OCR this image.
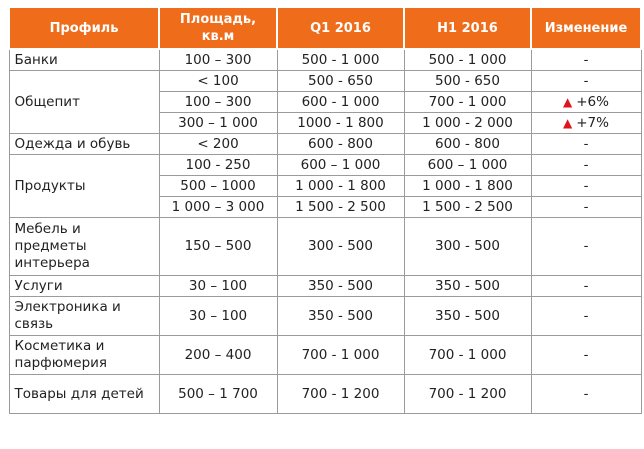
Профиль	Площадь, кв.м	Q1 2016	H1 2016	Изменение
Банки	100 – 300	500 - 1 000	500 - 1 000	-
Общепит	< 100	500 - 650	500 - 650	-
	100 – 300	600 - 1 000	700 - 1 000	▲ +6%
	300 – 1 000	1000 - 1 800	1 000 - 2 000	▲ +7%
Одежда и обувь	< 200	600 - 800	600 - 800	-
Продукты	100 - 250	600 – 1 000	600 – 1 000	-
	500 – 1000	1 000 - 1 800	1 000 - 1 800	-
	1 000 – 3 000	1 500 - 2 500	1 500 - 2 500	-
Мебель и предметы интерьера	150 – 500	300 - 500	300 - 500	-
Услуги	30 – 100	350 - 500	350 - 500	-
Электроника и связь	30 – 100	350 - 500	350 - 500	-
Косметика и парфюмерия	200 – 400	700 - 1 000	700 - 1 000	-
Товары для детей	500 – 1 700	700 - 1 200	700 - 1 200	-
